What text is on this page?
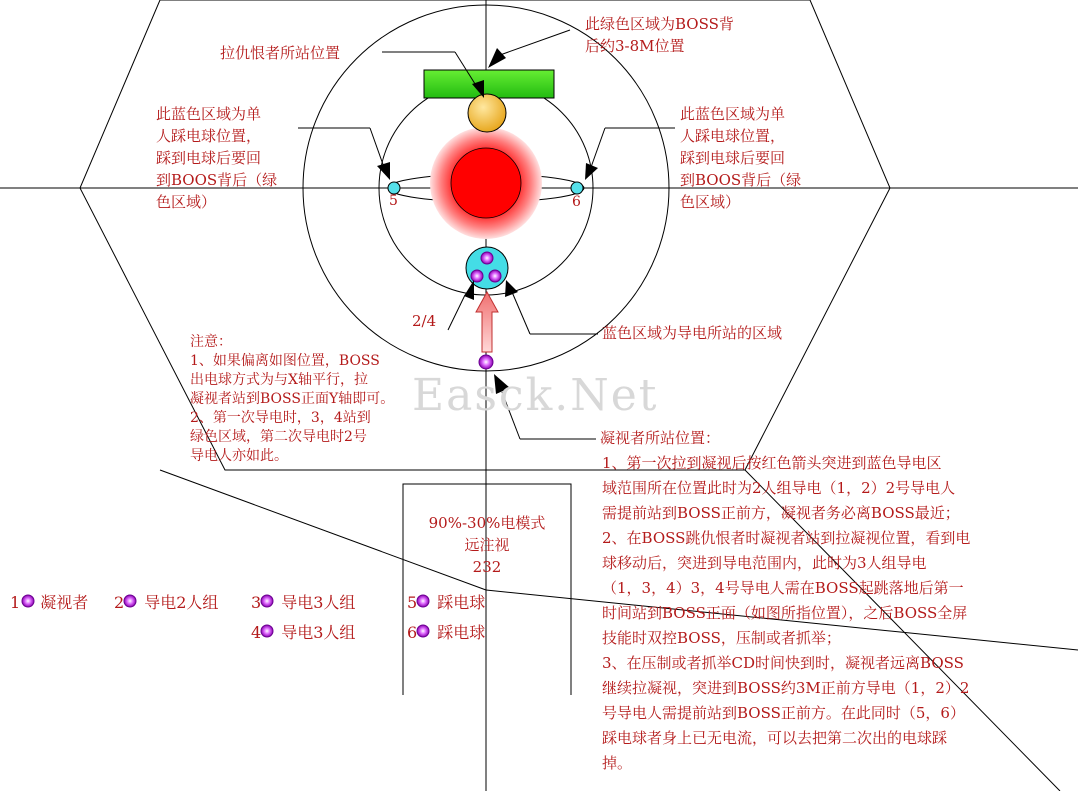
5	6
2/4
Easck.Net
此绿色区域为BOSS背
后约3-8M位置
拉仇恨者所站位置
此蓝色区域为单
人踩电球位置，
踩到电球后要回
到BOOS背后（绿
色区域）
此蓝色区域为单
人踩电球位置，
踩到电球后要回
到BOOS背后（绿
色区域）
蓝色区域为导电所站的区域
注意：
1、如果偏离如图位置，BOSS
出电球方式为与X轴平行，拉
凝视者站到BOSS正面Y轴即可。
2、第一次导电时，3，4站到
绿色区域，第二次导电时2号
导电人亦如此。
凝视者所站位置：
1、第一次拉到凝视后按红色箭头突进到蓝色导电区
域范围所在位置此时为2人组导电（1，2）2号导电人
需提前站到BOSS正前方，凝视者务必离BOSS最近；
2、在BOSS跳仇恨者时凝视者站到拉凝视位置，看到电
球移动后，突进到导电范围内，此时为3人组导电
（1，3，4）3，4号导电人需在BOSS起跳落地后第一
时间站到BOSS正面（如图所指位置），之后BOSS全屏
技能时双控BOSS，压制或者抓举；
3、在压制或者抓举CD时间快到时，凝视者远离BOSS
继续拉凝视，突进到BOSS约3M正前方导电（1，2）2
号导电人需提前站到BOSS正前方。在此同时（5，6）
踩电球者身上已无电流，可以去把第二次出的电球踩
掉。
90%-30%电模式
远注视
232
1 凝视者 2 导电2人组 3 导电3人组	5 踩电球
4 导电3人组	6 踩电球
